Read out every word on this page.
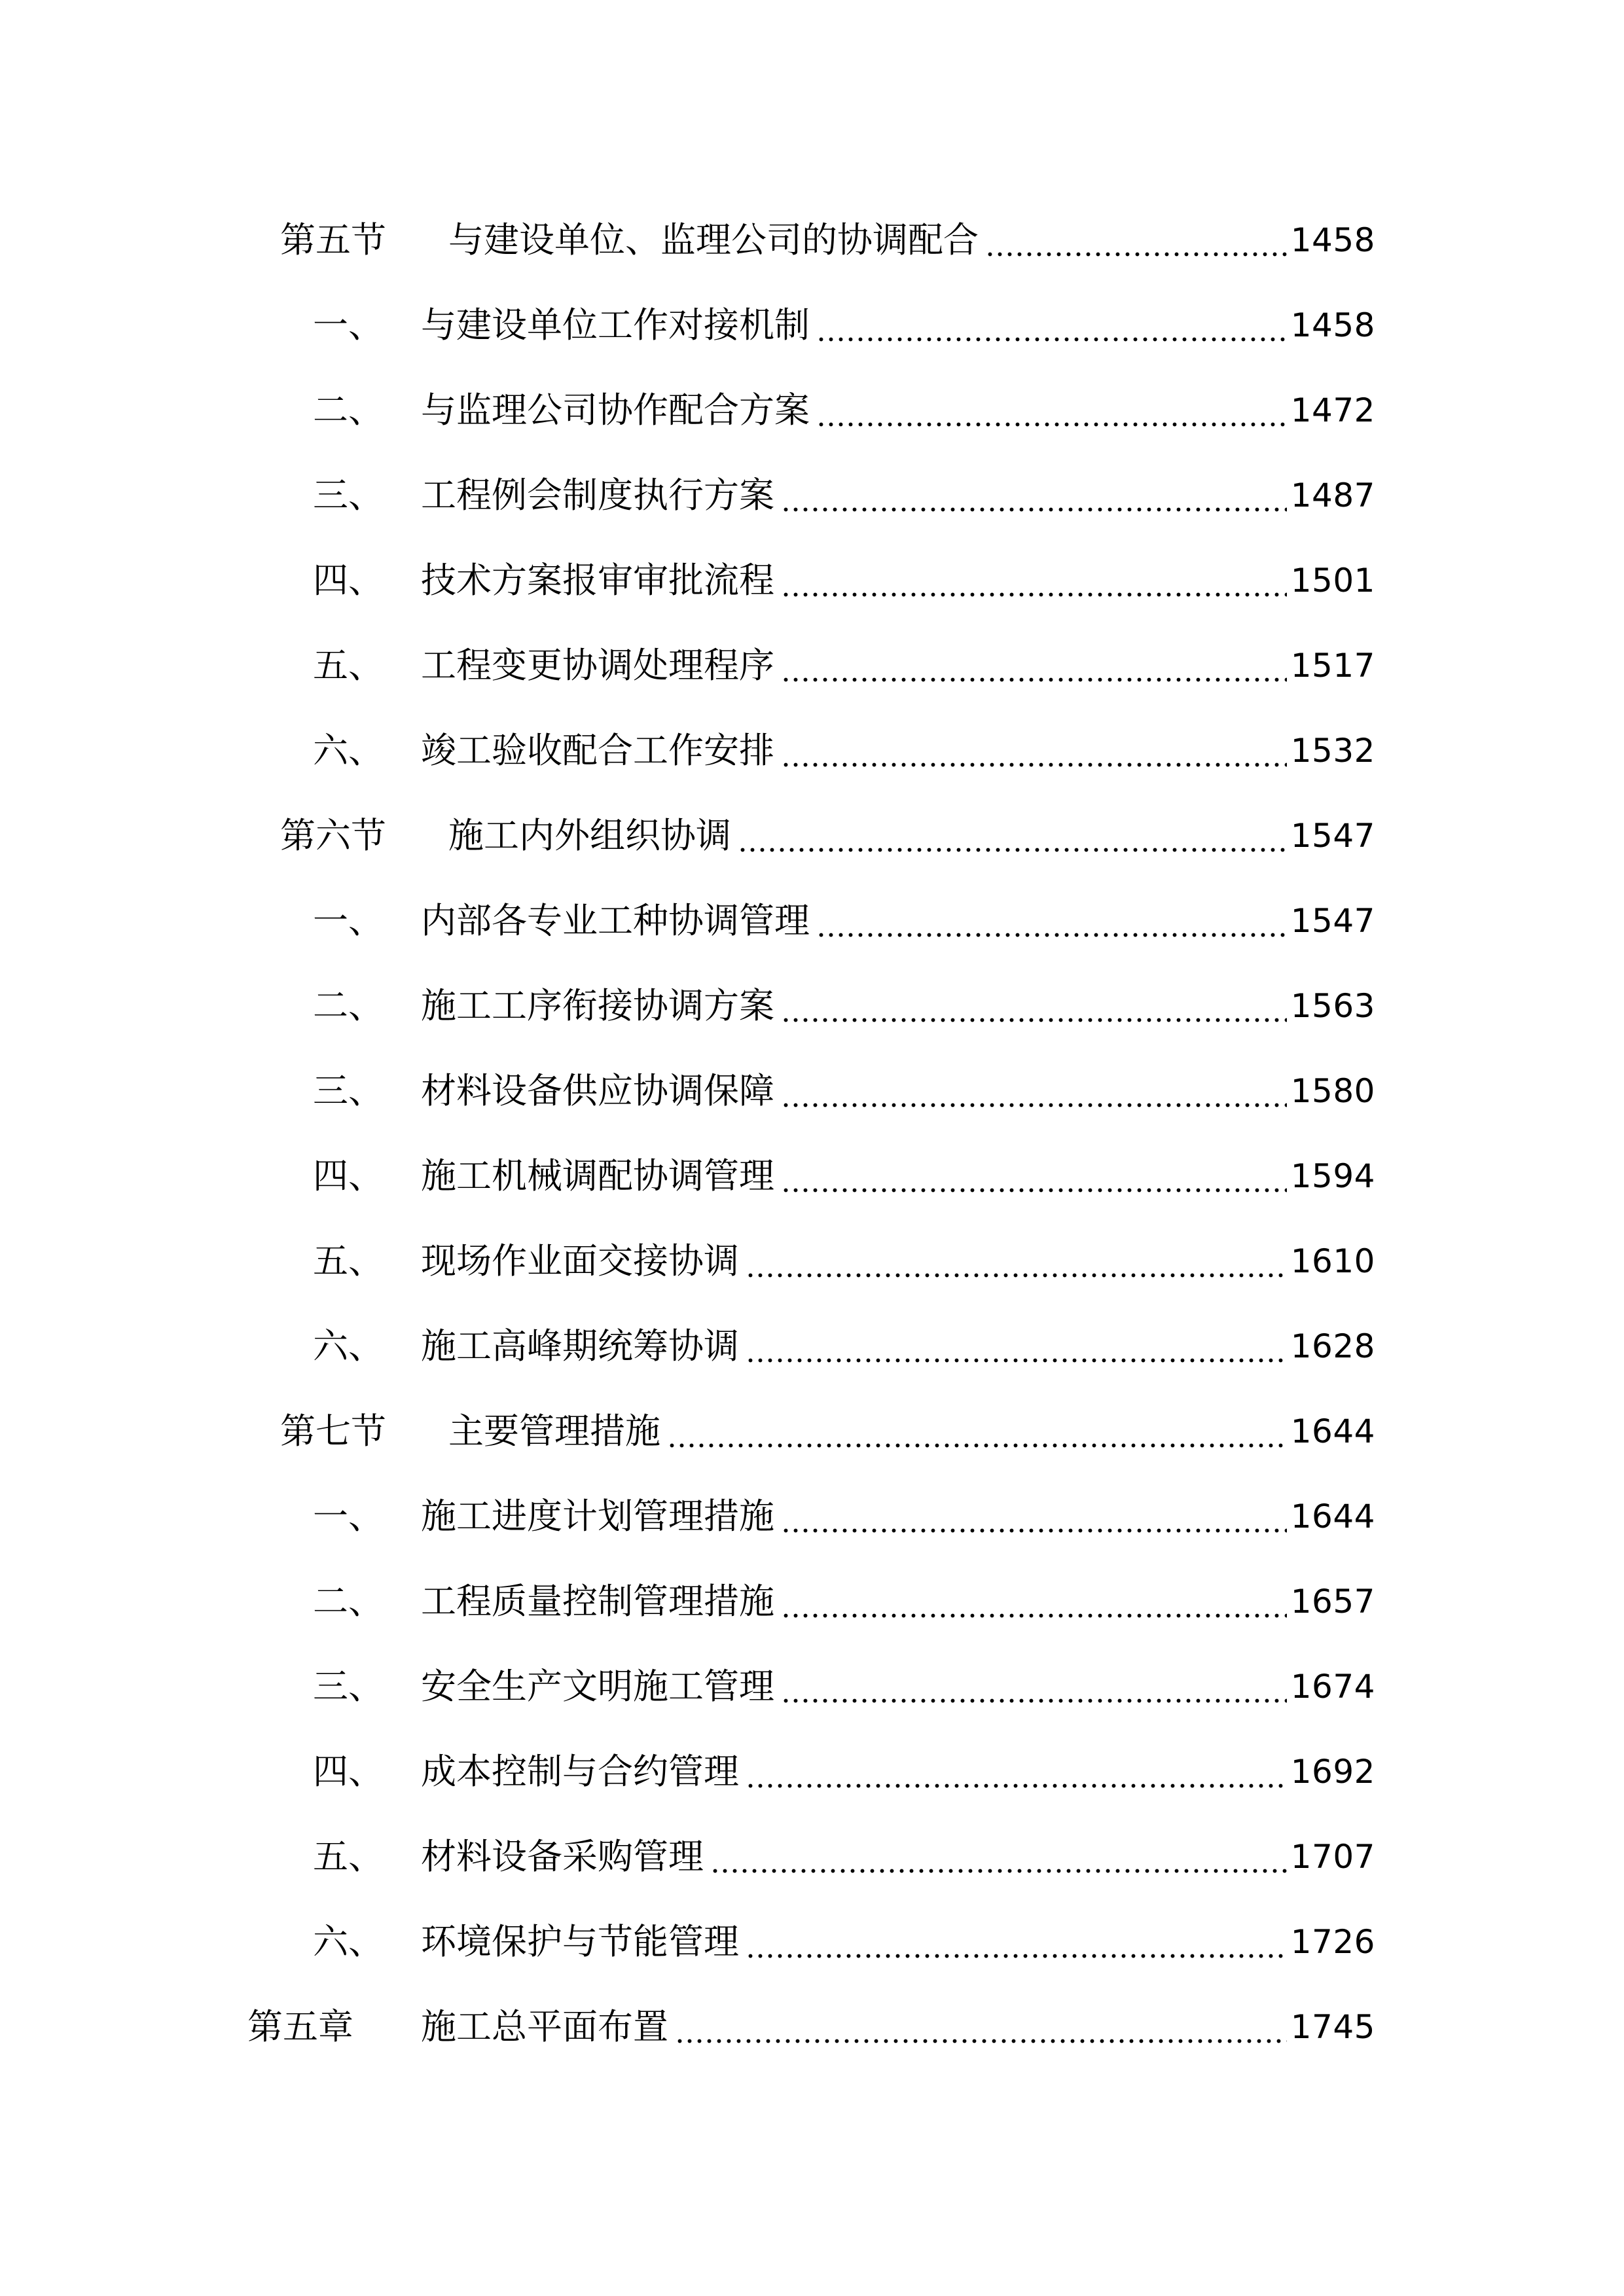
第五节	与建设单位、监理公司的协调配合	1458
一、	与建设单位工作对接机制	1458
二、	与监理公司协作配合方案	1472
三、	工程例会制度执行方案	1487
四、	技术方案报审审批流程	1501
五、	工程变更协调处理程序	1517
六、	竣工验收配合工作安排	1532
第六节	施工内外组织协调	1547
一、	内部各专业工种协调管理	1547
二、	施工工序衔接协调方案	1563
三、	材料设备供应协调保障	1580
四、	施工机械调配协调管理	1594
五、	现场作业面交接协调	1610
六、	施工高峰期统筹协调	1628
第七节	主要管理措施	1644
一、	施工进度计划管理措施	1644
二、	工程质量控制管理措施	1657
三、	安全生产文明施工管理	1674
四、	成本控制与合约管理	1692
五、	材料设备采购管理	1707
六、	环境保护与节能管理	1726
第五章	施工总平面布置	1745
